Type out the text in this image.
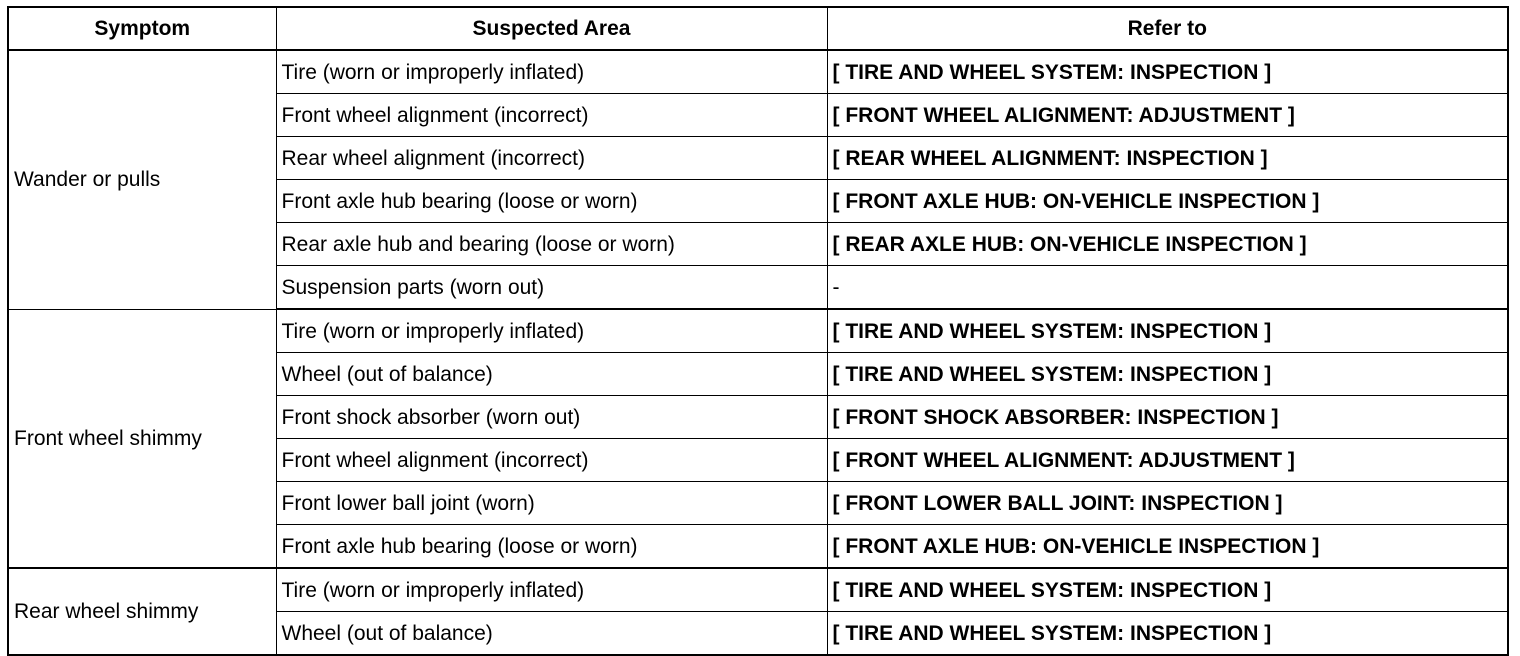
Symptom	Suspected Area	Refer to
Wander or pulls	Tire (worn or improperly inflated)	[ TIRE AND WHEEL SYSTEM: INSPECTION ]
	Front wheel alignment (incorrect)	[ FRONT WHEEL ALIGNMENT: ADJUSTMENT ]
	Rear wheel alignment (incorrect)	[ REAR WHEEL ALIGNMENT: INSPECTION ]
	Front axle hub bearing (loose or worn)	[ FRONT AXLE HUB: ON-VEHICLE INSPECTION ]
	Rear axle hub and bearing (loose or worn)	[ REAR AXLE HUB: ON-VEHICLE INSPECTION ]
	Suspension parts (worn out)	-
Front wheel shimmy	Tire (worn or improperly inflated)	[ TIRE AND WHEEL SYSTEM: INSPECTION ]
	Wheel (out of balance)	[ TIRE AND WHEEL SYSTEM: INSPECTION ]
	Front shock absorber (worn out)	[ FRONT SHOCK ABSORBER: INSPECTION ]
	Front wheel alignment (incorrect)	[ FRONT WHEEL ALIGNMENT: ADJUSTMENT ]
	Front lower ball joint (worn)	[ FRONT LOWER BALL JOINT: INSPECTION ]
	Front axle hub bearing (loose or worn)	[ FRONT AXLE HUB: ON-VEHICLE INSPECTION ]
Rear wheel shimmy	Tire (worn or improperly inflated)	[ TIRE AND WHEEL SYSTEM: INSPECTION ]
	Wheel (out of balance)	[ TIRE AND WHEEL SYSTEM: INSPECTION ]
